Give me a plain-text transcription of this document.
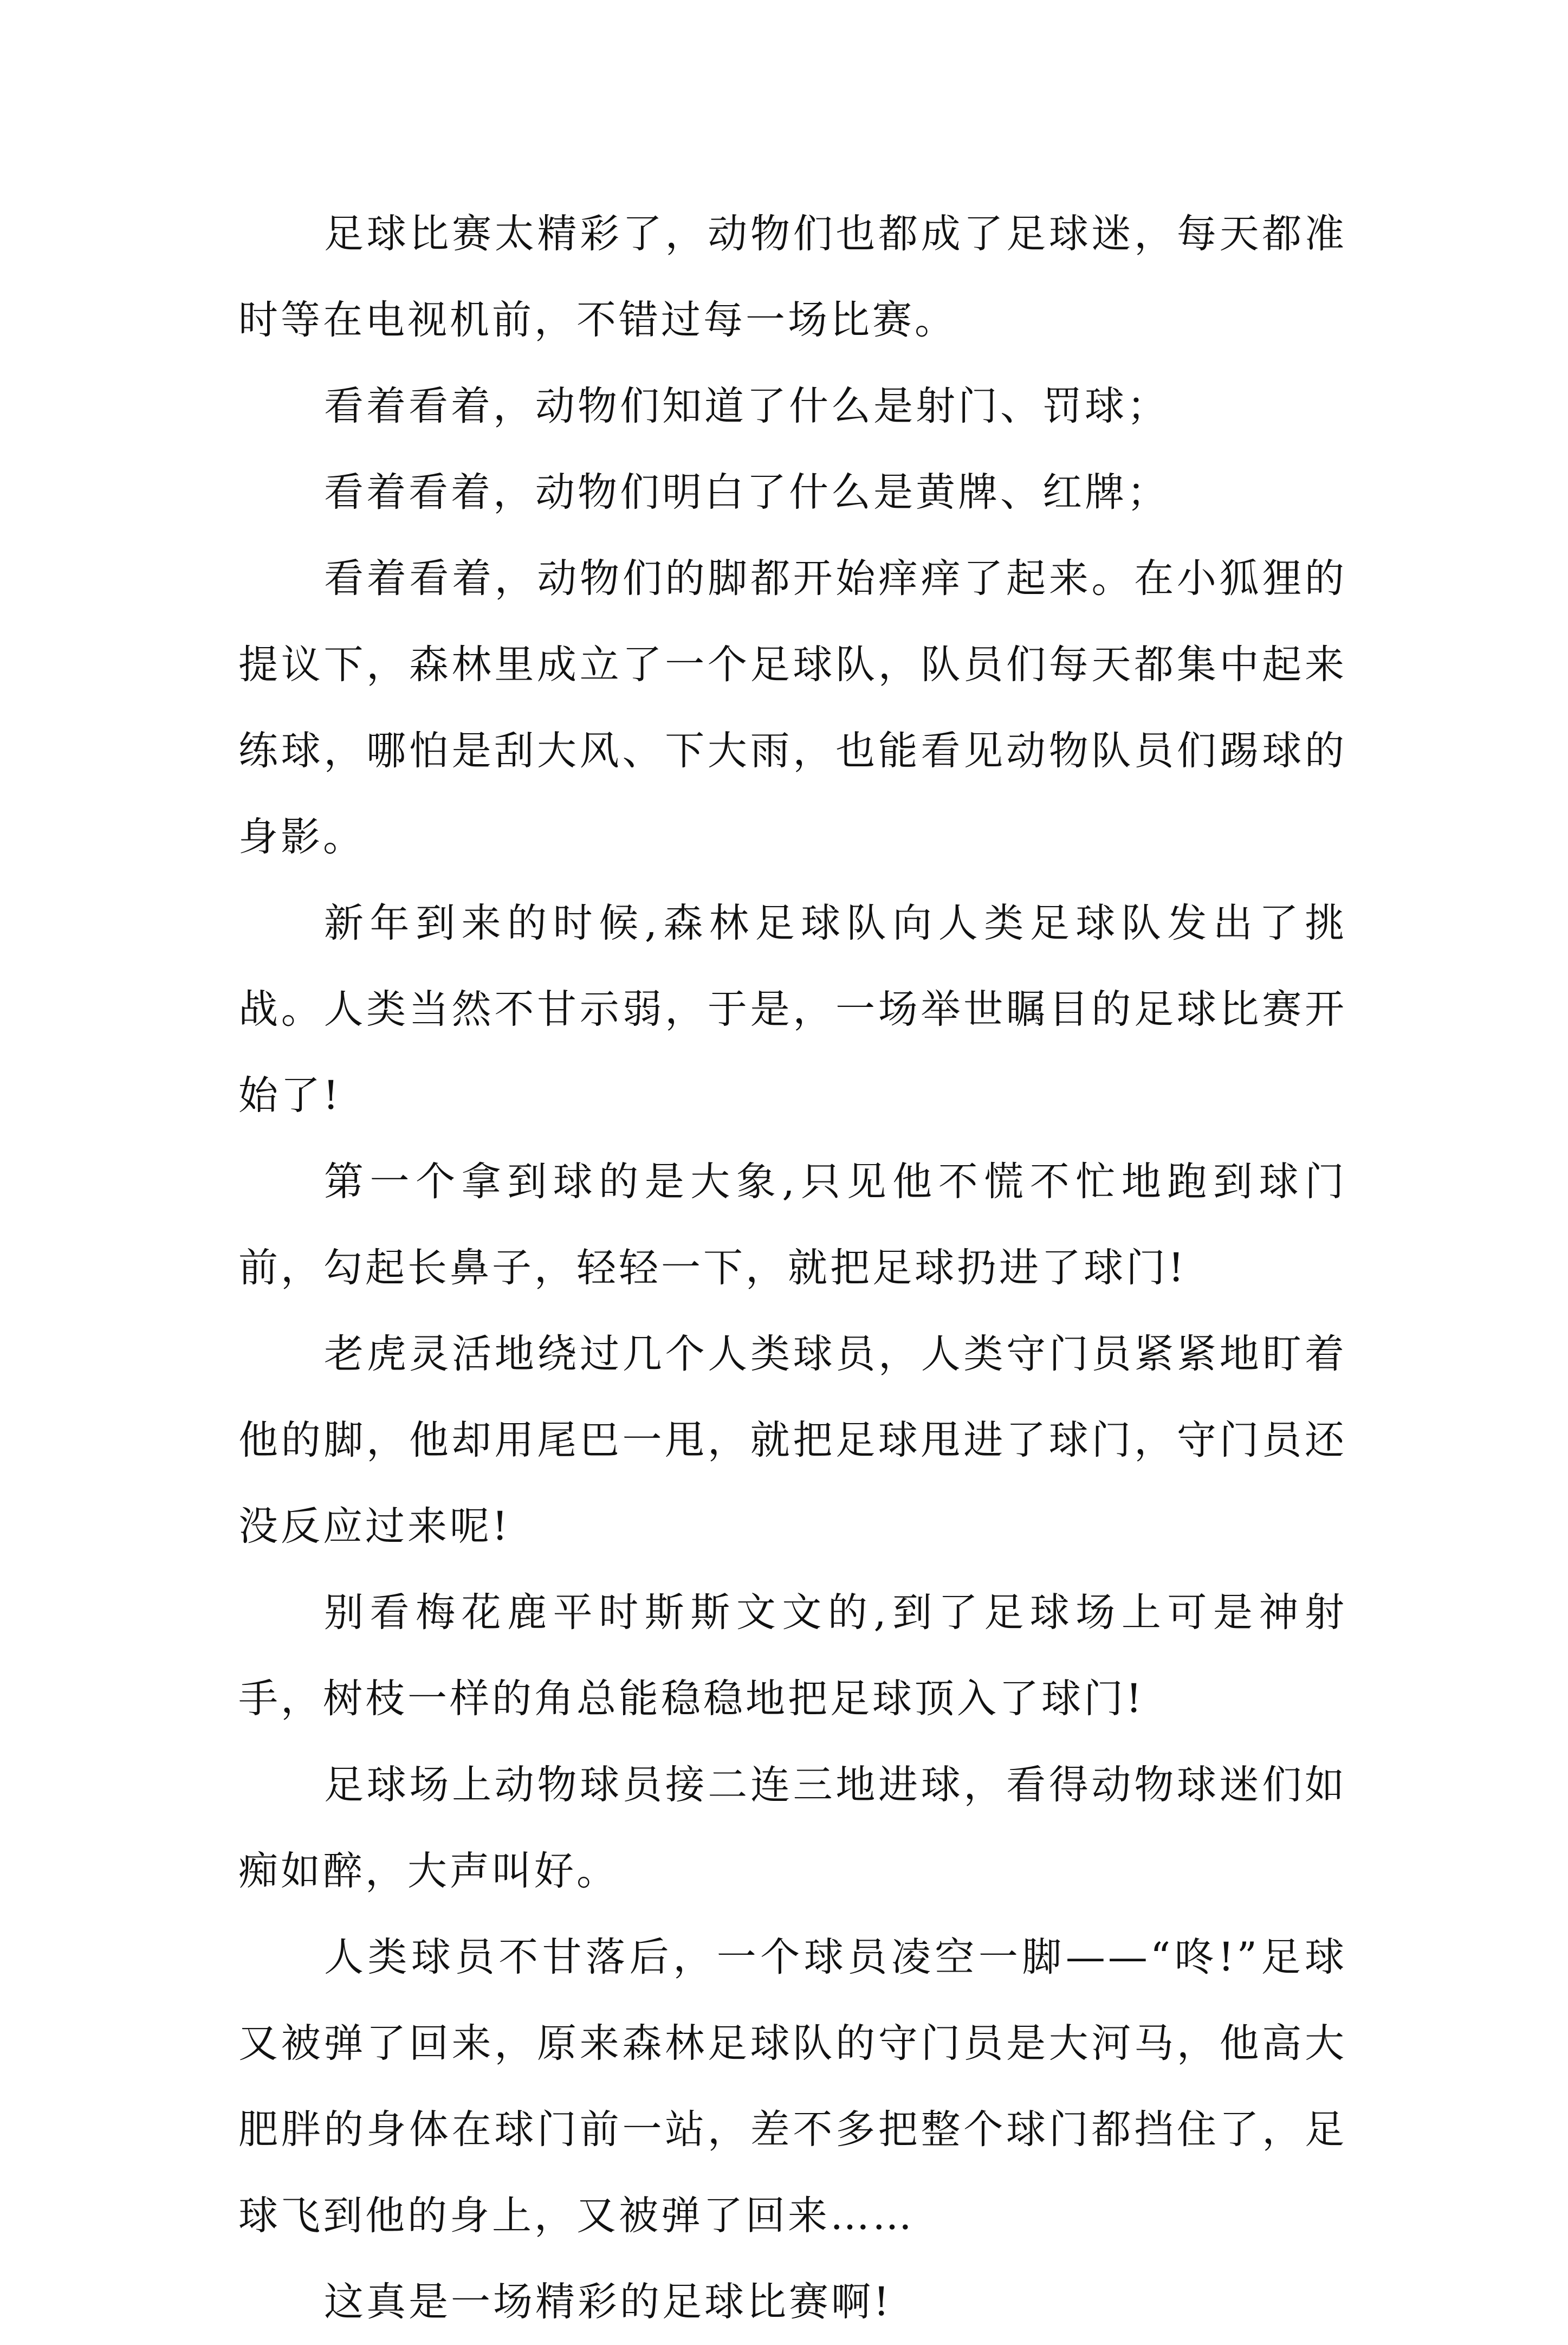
足球比赛太精彩了，动物们也都成了足球迷，每天都准时等在电视机前，不错过每一场比赛。

看着看着，动物们知道了什么是射门、罚球；

看着看着，动物们明白了什么是黄牌、红牌；

看着看着，动物们的脚都开始痒痒了起来。在小狐狸的提议下，森林里成立了一个足球队，队员们每天都集中起来练球，哪怕是刮大风、下大雨，也能看见动物队员们踢球的身影。

新年到来的时候,森林足球队向人类足球队发出了挑战。人类当然不甘示弱，于是，一场举世瞩目的足球比赛开始了!

第一个拿到球的是大象,只见他不慌不忙地跑到球门前，勾起长鼻子，轻轻一下，就把足球扔进了球门!

老虎灵活地绕过几个人类球员，人类守门员紧紧地盯着他的脚，他却用尾巴一甩，就把足球甩进了球门，守门员还没反应过来呢!

别看梅花鹿平时斯斯文文的,到了足球场上可是神射手，树枝一样的角总能稳稳地把足球顶入了球门!

足球场上动物球员接二连三地进球，看得动物球迷们如痴如醉，大声叫好。

人类球员不甘落后，一个球员凌空一脚——“咚!”足球又被弹了回来，原来森林足球队的守门员是大河马，他高大肥胖的身体在球门前一站，差不多把整个球门都挡住了，足球飞到他的身上，又被弹了回来……

这真是一场精彩的足球比赛啊!
